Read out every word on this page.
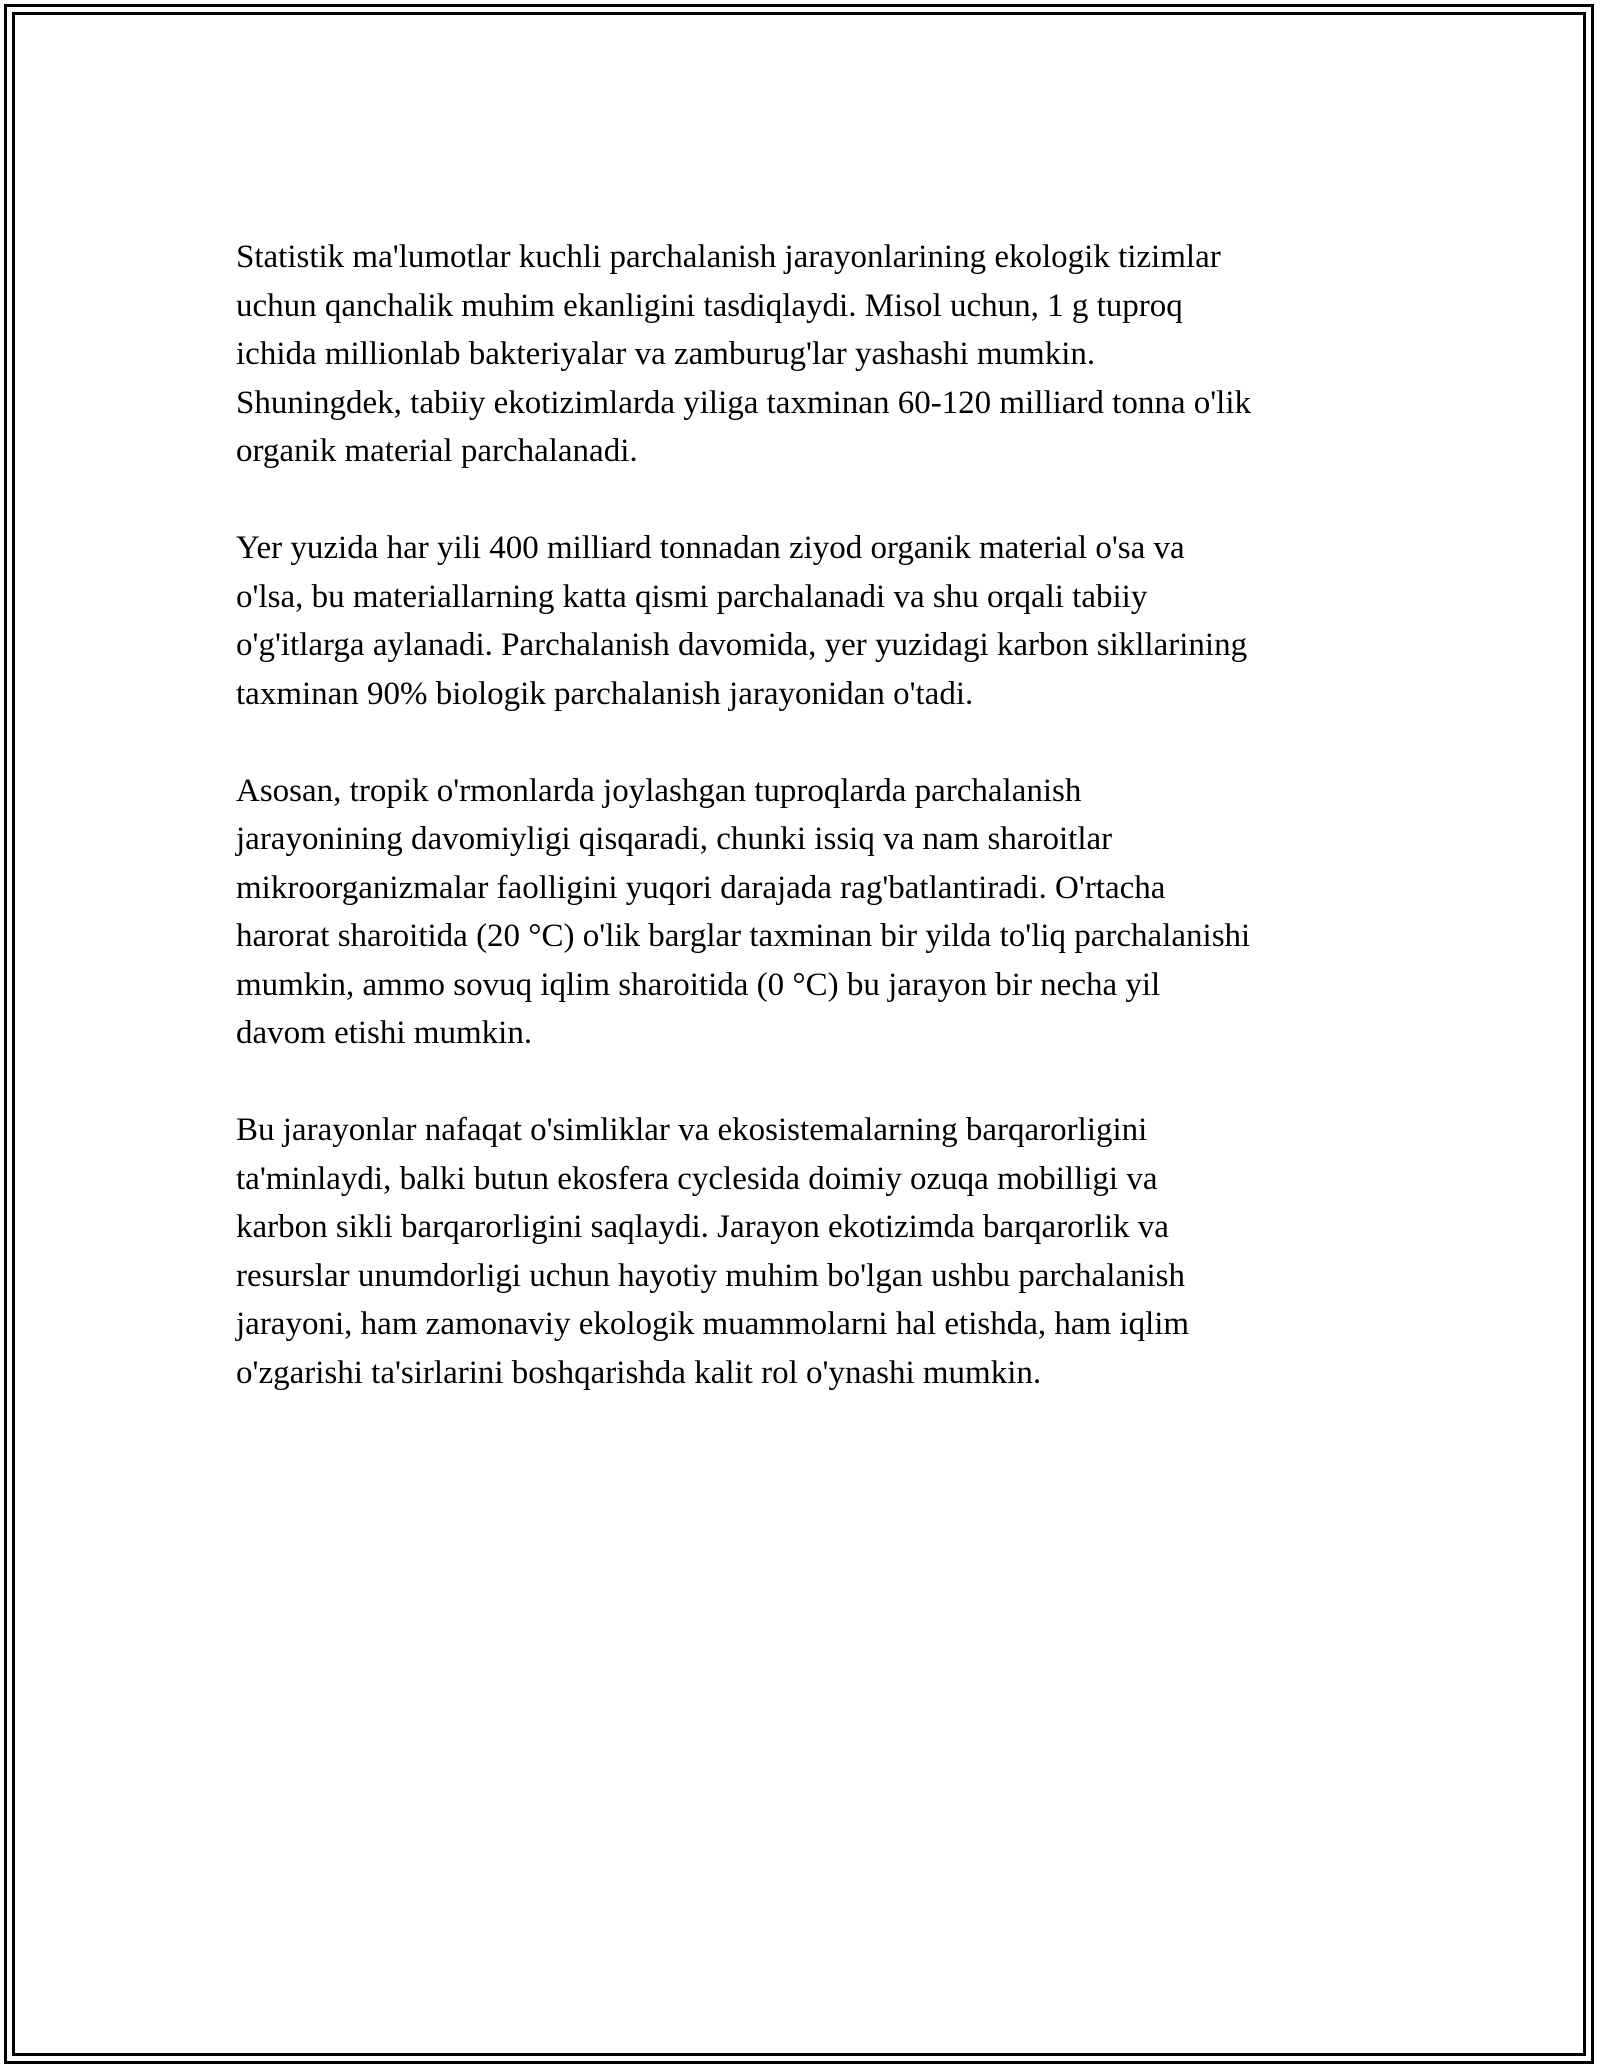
Statistik ma'lumotlar kuchli parchalanish jarayonlarining ekologik tizimlar
uchun qanchalik muhim ekanligini tasdiqlaydi. Misol uchun, 1 g tuproq
ichida millionlab bakteriyalar va zamburug'lar yashashi mumkin.
Shuningdek, tabiiy ekotizimlarda yiliga taxminan 60-120 milliard tonna o'lik
organik material parchalanadi.

Yer yuzida har yili 400 milliard tonnadan ziyod organik material o'sa va
o'lsa, bu materiallarning katta qismi parchalanadi va shu orqali tabiiy
o'g'itlarga aylanadi. Parchalanish davomida, yer yuzidagi karbon sikllarining
taxminan 90% biologik parchalanish jarayonidan o'tadi.

Asosan, tropik o'rmonlarda joylashgan tuproqlarda parchalanish
jarayonining davomiyligi qisqaradi, chunki issiq va nam sharoitlar
mikroorganizmalar faolligini yuqori darajada rag'batlantiradi. O'rtacha
harorat sharoitida (20 °C) o'lik barglar taxminan bir yilda to'liq parchalanishi
mumkin, ammo sovuq iqlim sharoitida (0 °C) bu jarayon bir necha yil
davom etishi mumkin.

Bu jarayonlar nafaqat o'simliklar va ekosistemalarning barqarorligini
ta'minlaydi, balki butun ekosfera cyclesida doimiy ozuqa mobilligi va
karbon sikli barqarorligini saqlaydi. Jarayon ekotizimda barqarorlik va
resurslar unumdorligi uchun hayotiy muhim bo'lgan ushbu parchalanish
jarayoni, ham zamonaviy ekologik muammolarni hal etishda, ham iqlim
o'zgarishi ta'sirlarini boshqarishda kalit rol o'ynashi mumkin.
